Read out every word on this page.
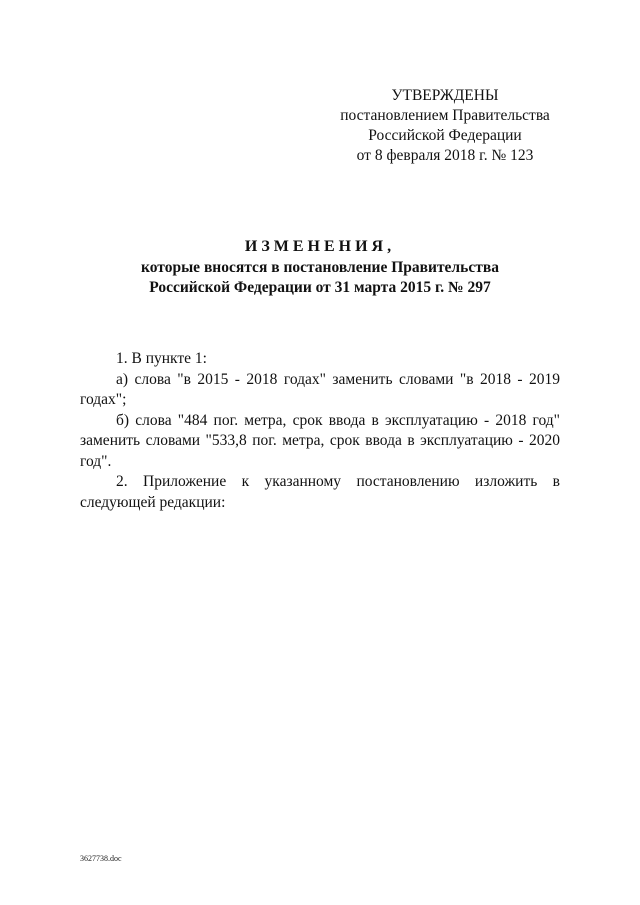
УТВЕРЖДЕНЫ
постановлением Правительства
Российской Федерации
от 8 февраля 2018 г. № 123
ИЗМЕНЕНИЯ,
которые вносятся в постановление Правительства
Российской Федерации от 31 марта 2015 г. № 297

1. В пункте 1:

а) слова "в 2015 - 2018 годах" заменить словами "в 2018 - 2019 годах";

б) слова "484 пог. метра, срок ввода в эксплуатацию - 2018 год" заменить словами "533,8 пог. метра, срок ввода в эксплуатацию - 2020 год".

2. Приложение к указанному постановлению изложить в следующей редакции:

3627738.doc
